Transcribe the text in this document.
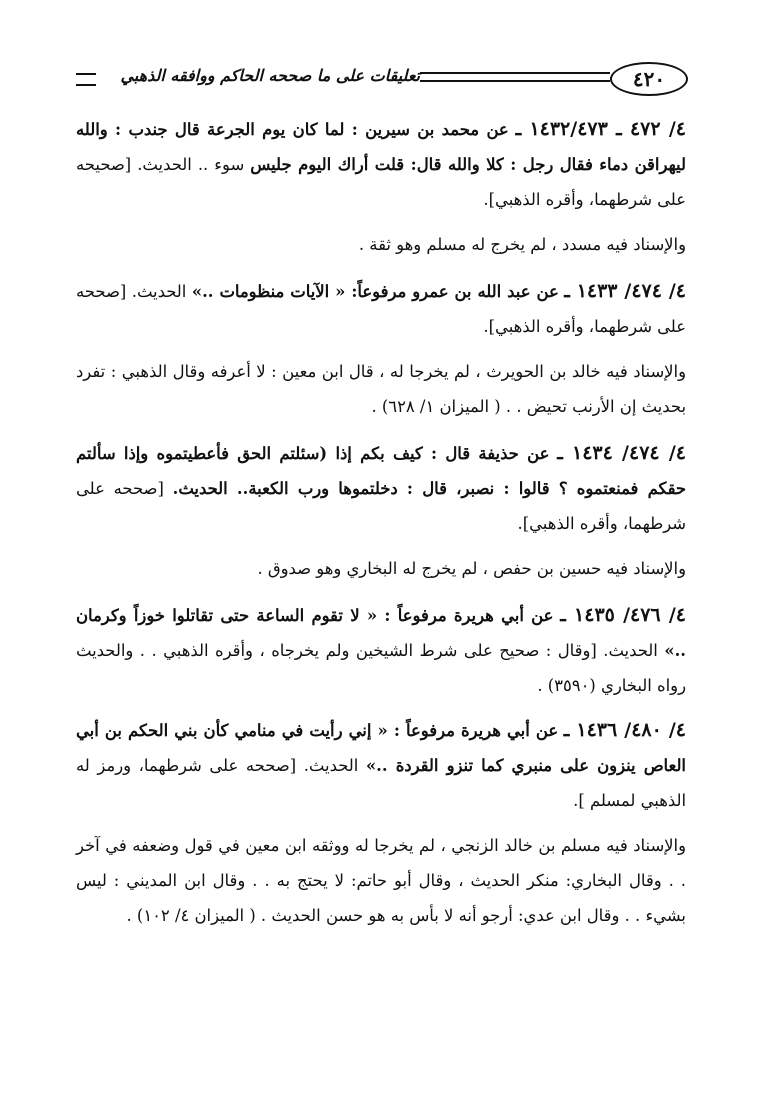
٤٢٠
تعليقات على ما صححه الحاكم ووافقه الذهبي

٤/ ٤٧٢ ـ ١٤٣٢/٤٧٣ ـ عن محمد بن سيرين : لما كان يوم الجرعة قال جندب : والله ليهراقن دماء فقال رجل : كلا والله قال: قلت أراك اليوم جليس سوء .. الحديث. [صحيحه على شرطهما، وأقره الذهبي].

والإسناد فيه مسدد ، لم يخرج له مسلم وهو ثقة .

٤/ ٤٧٤/ ١٤٣٣ ـ عن عبد الله بن عمرو مرفوعاً: « الآيات منظومات ..» الحديث. [صححه على شرطهما، وأقره الذهبي].

والإسناد فيه خالد بن الحويرث ، لم يخرجا له ، قال ابن معين : لا أعرفه وقال الذهبي : تفرد بحديث إن الأرنب تحيض . . ( الميزان ١/ ٦٢٨) .

٤/ ٤٧٤/ ١٤٣٤ ـ عن حذيفة قال : كيف بكم إذا (سئلتم الحق فأعطيتموه وإذا سألتم حقكم فمنعتموه ؟ قالوا : نصبر، قال : دخلتموها ورب الكعبة.. الحديث. [صححه على شرطهما، وأقره الذهبي].

والإسناد فيه حسين بن حفص ، لم يخرج له البخاري وهو صدوق .

٤/ ٤٧٦/ ١٤٣٥ ـ عن أبي هريرة مرفوعاً : « لا تقوم الساعة حتى تقاتلوا خوزاً وكرمان ..» الحديث. [وقال : صحيح على شرط الشيخين ولم يخرجاه ، وأقره الذهبي . . والحديث رواه البخاري (٣٥٩٠) .

٤/ ٤٨٠/ ١٤٣٦ ـ عن أبي هريرة مرفوعاً : « إني رأيت في منامي كأن بني الحكم بن أبي العاص ينزون على منبري كما تنزو القردة ..» الحديث. [صححه على شرطهما، ورمز له الذهبي لمسلم ].

والإسناد فيه مسلم بن خالد الزنجي ، لم يخرجا له ووثقه ابن معين في قول وضعفه في آخر . . وقال البخاري: منكر الحديث ، وقال أبو حاتم: لا يحتج به . . وقال ابن المديني : ليس بشيء . . وقال ابن عدي: أرجو أنه لا بأس به هو حسن الحديث . ( الميزان ٤/ ١٠٢) .
